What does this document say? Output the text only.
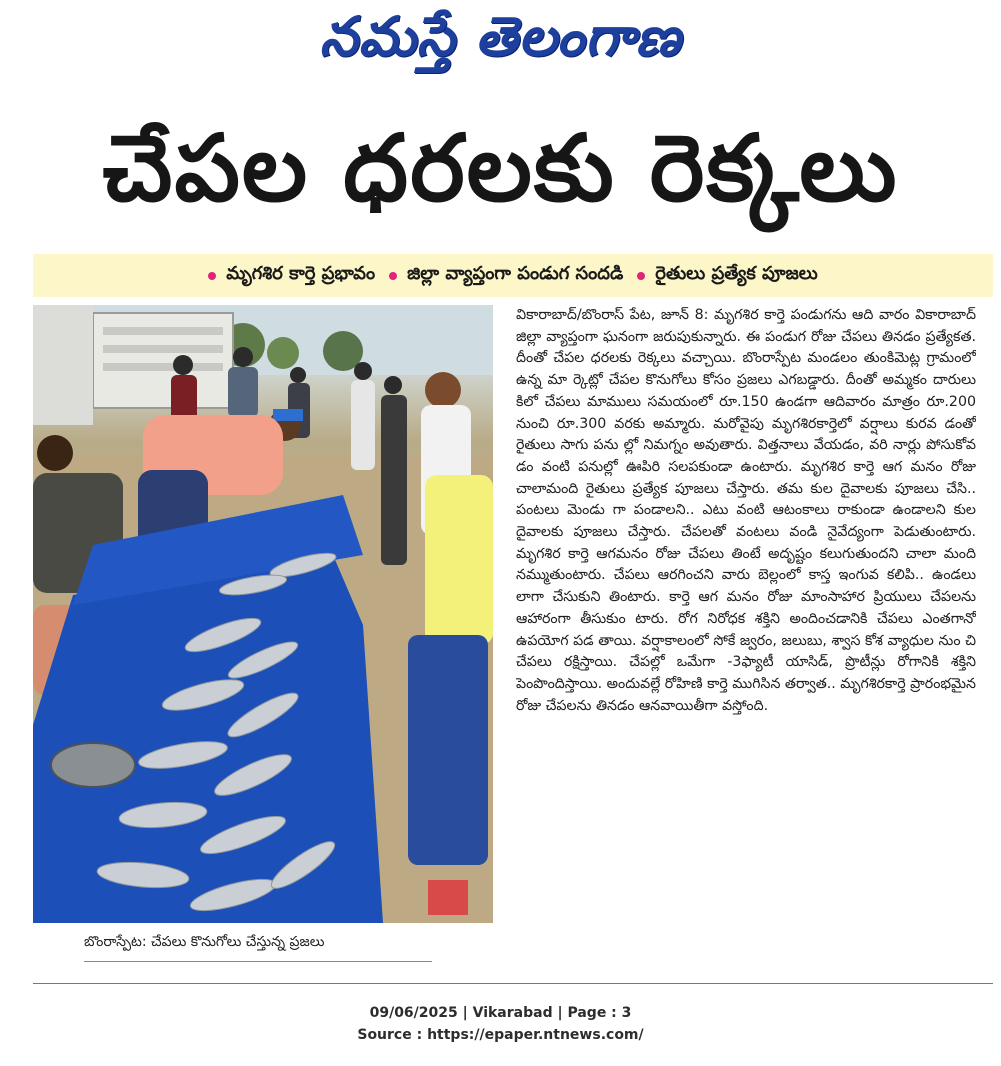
నమస్తే తెలంగాణ
చేపల ధరలకు రెక్కలు
మృగశిర కార్తె ప్రభావం జిల్లా వ్యాప్తంగా పండుగ సందడి రైతులు ప్రత్యేక పూజలు
బొంరాస్పేట: చేపలు కొనుగోలు చేస్తున్న ప్రజలు
వికారాబాద్/బొంరాస్ పేట, జూన్ 8: మృగశిర కార్తె పండుగను ఆది వారం వికారాబాద్ జిల్లా వ్యాప్తంగా ఘనంగా జరుపుకున్నారు. ఈ పండుగ రోజు చేపలు తినడం ప్రత్యేకత. దీంతో చేపల ధరలకు రెక్కలు వచ్చాయి. బొంరాస్పేట మండలం తుంకిమెట్ల గ్రామంలో ఉన్న మా ర్కెట్లో చేపల కొనుగోలు కోసం ప్రజలు ఎగబడ్డారు. దీంతో అమ్మకం దారులు కిలో చేపలు మాములు సమయంలో రూ.150 ఉండగా ఆదివారం మాత్రం రూ.200 నుంచి రూ.300 వరకు అమ్మారు. మరోవైపు మృగశిరకార్తెలో వర్షాలు కురవ డంతో రైతులు సాగు పను ల్లో నిమగ్నం అవుతారు. విత్తనాలు వేయడం, వరి నార్లు పోసుకోవ డం వంటి పనుల్లో ఊపిరి సలపకుండా ఉంటారు. మృగశిర కార్తె ఆగ మనం రోజు చాలామంది రైతులు ప్రత్యేక పూజలు చేస్తారు. తమ కుల దైవాలకు పూజలు చేసి.. పంటలు మెండు గా పండాలని.. ఎటు వంటి ఆటంకాలు రాకుండా ఉండాలని కుల దైవాలకు పూజలు చేస్తారు. చేపలతో వంటలు వండి నైవేద్యంగా పెడుతుంటారు. మృగశిర కార్తె ఆగమనం రోజు చేపలు తింటే అదృష్టం కలుగుతుందని చాలా మంది నమ్ముతుంటారు. చేపలు ఆరగించని వారు బెల్లంలో కాస్త ఇంగువ కలిపి.. ఉండలు లాగా చేసుకుని తింటారు. కార్తె ఆగ మనం రోజు మాంసాహార ప్రియులు చేపలను ఆహారంగా తీసుకుం టారు. రోగ నిరోధక శక్తిని అందించడానికి చేపలు ఎంతగానో ఉపయోగ పడ తాయి. వర్షాకాలంలో సోకే జ్వరం, జలుబు, శ్వాస కోశ వ్యాధుల నుం చి చేపలు రక్షిస్తాయి. చేపల్లో ఒమేగా -3ఫ్యాటీ యాసిడ్, ప్రొటీన్లు రోగానికి శక్తిని పెంపొందిస్తాయి. అందువల్లే రోహిణి కార్తె ముగిసిన తర్వాత.. మృగశిరకార్తె ప్రారంభమైన రోజు చేపలను తినడం ఆనవాయితీగా వస్తోంది.
09/06/2025 | Vikarabad | Page : 3
Source : https://epaper.ntnews.com/
